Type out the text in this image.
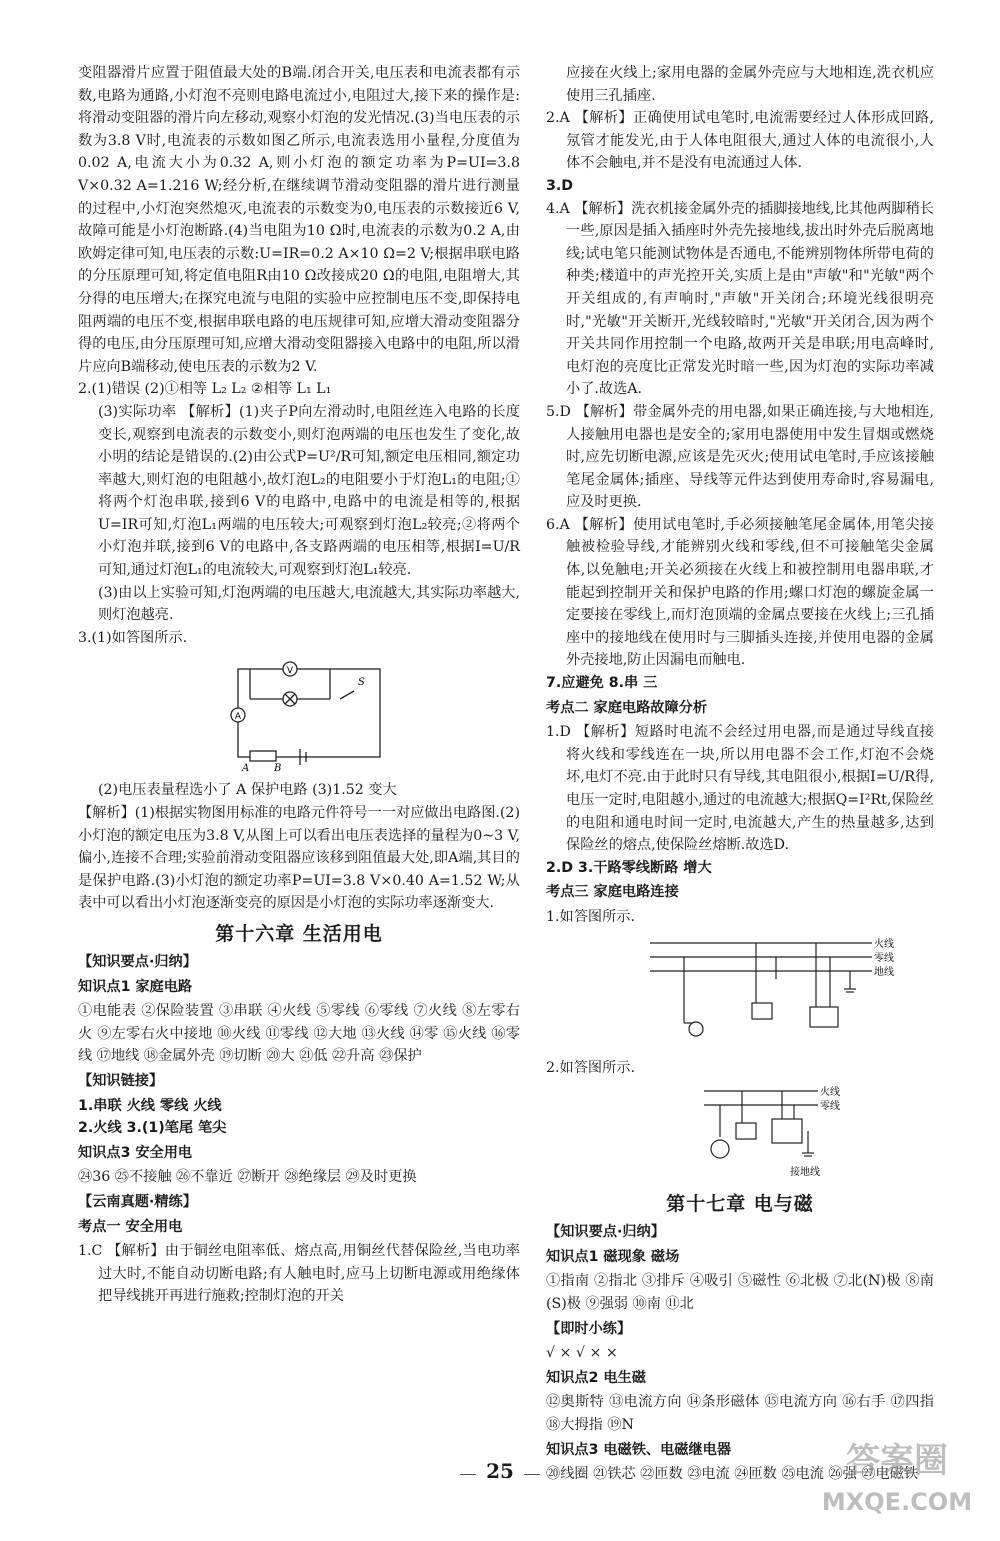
变阻器滑片应置于阻值最大处的B端.闭合开关,电压表和电流表都有示数,电路为通路,小灯泡不亮则电路电流过小,电阻过大,接下来的操作是:将滑动变阻器的滑片向左移动,观察小灯泡的发光情况.(3)当电压表的示数为3.8 V时,电流表的示数如图乙所示,电流表选用小量程,分度值为0.02 A,电流大小为0.32 A,则小灯泡的额定功率为P=UI=3.8 V×0.32 A=1.216 W;经分析,在继续调节滑动变阻器的滑片进行测量的过程中,小灯泡突然熄灭,电流表的示数变为0,电压表的示数接近6 V,故障可能是小灯泡断路.(4)当电阻为10 Ω时,电流表的示数为0.2 A,由欧姆定律可知,电压表的示数:U=IR=0.2 A×10 Ω=2 V;根据串联电路的分压原理可知,将定值电阻R由10 Ω改接成20 Ω的电阻,电阻增大,其分得的电压增大;在探究电流与电阻的实验中应控制电压不变,即保持电阻两端的电压不变,根据串联电路的电压规律可知,应增大滑动变阻器分得的电压,由分压原理可知,应增大滑动变阻器接入电路中的电阻,所以滑片应向B端移动,使电压表的示数为2 V.

2.(1)错误 (2)①相等 L₂ L₂ ②相等 L₁ L₁

(3)实际功率 【解析】(1)夹子P向左滑动时,电阻丝连入电路的长度变长,观察到电流表的示数变小,则灯泡两端的电压也发生了变化,故小明的结论是错误的.(2)由公式P=U²/R可知,额定电压相同,额定功率越大,则灯泡的电阻越小,故灯泡L₂的电阻要小于灯泡L₁的电阻;①将两个灯泡串联,接到6 V的电路中,电路中的电流是相等的,根据U=IR可知,灯泡L₁两端的电压较大;可观察到灯泡L₂较亮;②将两个小灯泡并联,接到6 V的电路中,各支路两端的电压相等,根据I=U/R可知,通过灯泡L₁的电流较大,可观察到灯泡L₁较亮.

(3)由以上实验可知,灯泡两端的电压越大,电流越大,其实际功率越大,则灯泡越亮.

3.(1)如答图所示.

V
A
S
A B

(2)电压表量程选小了 A 保护电路 (3)1.52 变大

【解析】(1)根据实物图用标准的电路元件符号一一对应做出电路图.(2)小灯泡的额定电压为3.8 V,从图上可以看出电压表选择的量程为0~3 V,偏小,连接不合理;实验前滑动变阻器应该移到阻值最大处,即A端,其目的是保护电路.(3)小灯泡的额定功率P=UI=3.8 V×0.40 A=1.52 W;从表中可以看出小灯泡逐渐变亮的原因是小灯泡的实际功率逐渐变大.

第十六章 生活用电
【知识要点·归纳】
知识点1 家庭电路

①电能表 ②保险装置 ③串联 ④火线 ⑤零线 ⑥零线 ⑦火线 ⑧左零右火 ⑨左零右火中接地 ⑩火线 ⑪零线 ⑫大地 ⑬火线 ⑭零 ⑮火线 ⑯零线 ⑰地线 ⑱金属外壳 ⑲切断 ⑳大 ㉑低 ㉒升高 ㉓保护

【知识链接】

1.串联 火线 零线 火线

2.火线 3.(1)笔尾 笔尖

知识点3 安全用电

㉔36 ㉕不接触 ㉖不靠近 ㉗断开 ㉘绝缘层 ㉙及时更换

【云南真题·精练】
考点一 安全用电

1.C 【解析】由于铜丝电阻率低、熔点高,用铜丝代替保险丝,当电功率过大时,不能自动切断电路;有人触电时,应马上切断电源或用绝缘体把导线挑开再进行施救;控制灯泡的开关

应接在火线上;家用电器的金属外壳应与大地相连,洗衣机应使用三孔插座.

2.A 【解析】正确使用试电笔时,电流需要经过人体形成回路,氖管才能发光,由于人体电阻很大,通过人体的电流很小,人体不会触电,并不是没有电流通过人体.

3.D

4.A 【解析】洗衣机接金属外壳的插脚接地线,比其他两脚稍长一些,原因是插入插座时外壳先接地线,拔出时外壳后脱离地线;试电笔只能测试物体是否通电,不能辨别物体所带电荷的种类;楼道中的声光控开关,实质上是由"声敏"和"光敏"两个开关组成的,有声响时,"声敏"开关闭合;环境光线很明亮时,"光敏"开关断开,光线较暗时,"光敏"开关闭合,因为两个开关共同作用控制一个电路,故两开关是串联;用电高峰时,电灯泡的亮度比正常发光时暗一些,因为灯泡的实际功率减小了.故选A.

5.D 【解析】带金属外壳的用电器,如果正确连接,与大地相连,人接触用电器也是安全的;家用电器使用中发生冒烟或燃烧时,应先切断电源,应该是先灭火;使用试电笔时,手应该接触笔尾金属体;插座、导线等元件达到使用寿命时,容易漏电,应及时更换.

6.A 【解析】使用试电笔时,手必须接触笔尾金属体,用笔尖接触被检验导线,才能辨别火线和零线,但不可接触笔尖金属体,以免触电;开关必须接在火线上和被控制用电器串联,才能起到控制开关和保护电路的作用;螺口灯泡的螺旋金属一定要接在零线上,而灯泡顶端的金属点要接在火线上;三孔插座中的接地线在使用时与三脚插头连接,并使用电器的金属外壳接地,防止因漏电而触电.

7.应避免 8.串 三

考点二 家庭电路故障分析

1.D 【解析】短路时电流不会经过用电器,而是通过导线直接将火线和零线连在一块,所以用电器不会工作,灯泡不会烧坏,电灯不亮.由于此时只有导线,其电阻很小,根据I=U/R得,电压一定时,电阻越小,通过的电流越大;根据Q=I²Rt,保险丝的电阻和通电时间一定时,电流越大,产生的热量越多,达到保险丝的熔点,使保险丝熔断.故选D.

2.D 3.干路零线断路 增大

考点三 家庭电路连接

1.如答图所示.

火线
零线
地线

2.如答图所示.

火线
零线
接地线
第十七章 电与磁
【知识要点·归纳】
知识点1 磁现象 磁场

①指南 ②指北 ③排斥 ④吸引 ⑤磁性 ⑥北极 ⑦北(N)极 ⑧南(S)极 ⑨强弱 ⑩南 ⑪北

【即时小练】

√ × √ × ×

知识点2 电生磁

⑫奥斯特 ⑬电流方向 ⑭条形磁体 ⑮电流方向 ⑯右手 ⑰四指 ⑱大拇指 ⑲N

知识点3 电磁铁、电磁继电器

⑳线圈 ㉑铁芯 ㉒匝数 ㉓电流 ㉔匝数 ㉕电流 ㉖强 ㉗电磁铁

25	答案圈
MXQE.COM
